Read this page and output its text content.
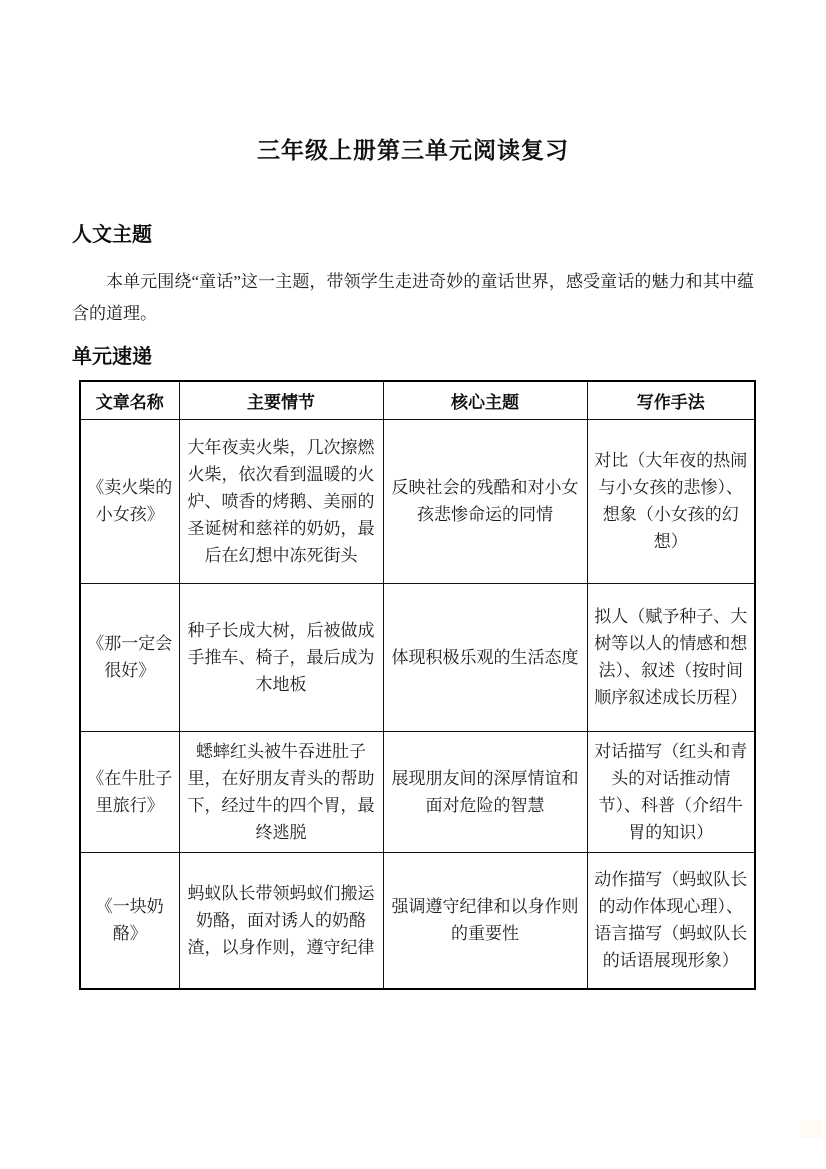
三年级上册第三单元阅读复习
人文主题

本单元围绕“童话”这一主题，带领学生走进奇妙的童话世界，感受童话的魅力和其中蕴含的道理。

单元速递
文章名称	主要情节	核心主题	写作手法
《卖火柴的小女孩》	大年夜卖火柴，几次擦燃火柴，依次看到温暖的火炉、喷香的烤鹅、美丽的圣诞树和慈祥的奶奶，最后在幻想中冻死街头	反映社会的残酷和对小女孩悲惨命运的同情	对比（大年夜的热闹与小女孩的悲惨）、想象（小女孩的幻想）
《那一定会很好》	种子长成大树，后被做成手推车、椅子，最后成为木地板	体现积极乐观的生活态度	拟人（赋予种子、大树等以人的情感和想法）、叙述（按时间顺序叙述成长历程）
《在牛肚子里旅行》	蟋蟀红头被牛吞进肚子里，在好朋友青头的帮助下，经过牛的四个胃，最终逃脱	展现朋友间的深厚情谊和面对危险的智慧	对话描写（红头和青头的对话推动情节）、科普（介绍牛胃的知识）
《一块奶酪》	蚂蚁队长带领蚂蚁们搬运奶酪，面对诱人的奶酪渣，以身作则，遵守纪律	强调遵守纪律和以身作则的重要性	动作描写（蚂蚁队长的动作体现心理）、语言描写（蚂蚁队长的话语展现形象）
